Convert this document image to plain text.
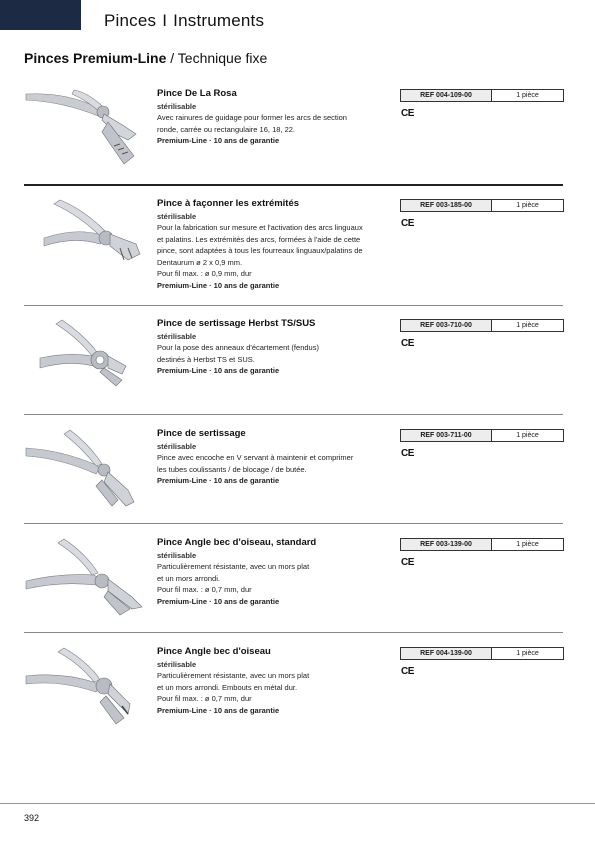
Pinces I Instruments
Pinces Premium-Line / Technique fixe
Pince De La Rosa
stérilisable
Avec rainures de guidage pour former les arcs de section
ronde, carrée ou rectangulaire 16, 18, 22.
Premium-Line · 10 ans de garantie
REF 004-109-00	1 pièce
CE
Pince à façonner les extrémités
stérilisable
Pour la fabrication sur mesure et l'activation des arcs linguaux
et palatins. Les extrémités des arcs, formées à l'aide de cette
pince, sont adaptées à tous les fourreaux linguaux/palatins de
Dentaurum ø 2 x 0,9 mm.
Pour fil max. : ø 0,9 mm, dur
Premium-Line · 10 ans de garantie
REF 003-185-00	1 pièce
CE
Pince de sertissage Herbst TS/SUS
stérilisable
Pour la pose des anneaux d'écartement (fendus)
destinés à Herbst TS et SUS.
Premium-Line · 10 ans de garantie
REF 003-710-00	1 pièce
CE
Pince de sertissage
stérilisable
Pince avec encoche en V servant à maintenir et comprimer
les tubes coulissants / de blocage / de butée.
Premium-Line · 10 ans de garantie
REF 003-711-00	1 pièce
CE
Pince Angle bec d'oiseau, standard
stérilisable
Particulièrement résistante, avec un mors plat
et un mors arrondi.
Pour fil max. : ø 0,7 mm, dur
Premium-Line · 10 ans de garantie
REF 003-139-00	1 pièce
CE
Pince Angle bec d'oiseau
stérilisable
Particulièrement résistante, avec un mors plat
et un mors arrondi. Embouts en métal dur.
Pour fil max. : ø 0,7 mm, dur
Premium-Line · 10 ans de garantie
REF 004-139-00	1 pièce
CE
392
